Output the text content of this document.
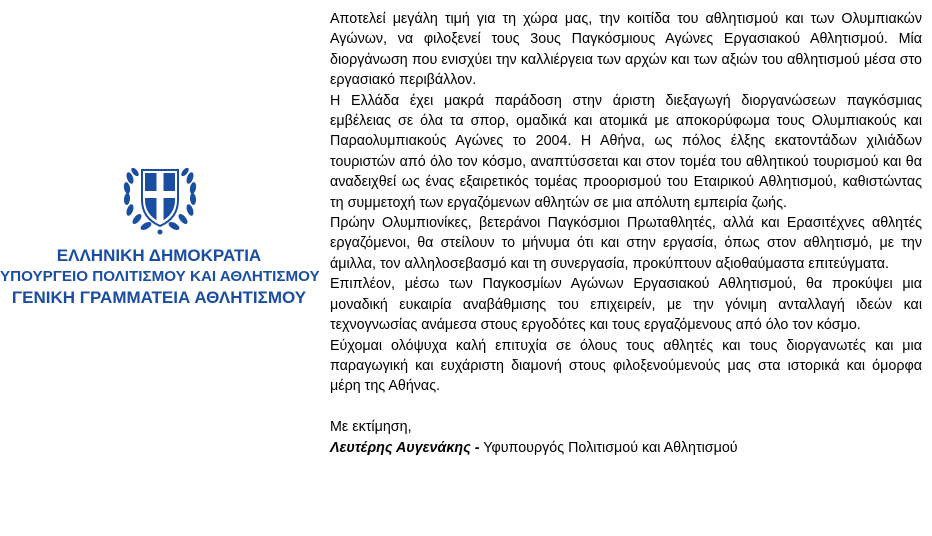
ΕΛΛΗΝΙΚΗ ΔΗΜΟΚΡΑΤΙΑ
ΥΠΟΥΡΓΕΙΟ ΠΟΛΙΤΙΣΜΟΥ ΚΑΙ ΑΘΛΗΤΙΣΜΟΥ
ΓΕΝΙΚΗ ΓΡΑΜΜΑΤΕΙΑ ΑΘΛΗΤΙΣΜΟΥ

Αποτελεί μεγάλη τιμή για τη χώρα μας, την κοιτίδα του αθλητισμού και των Ολυμπιακών Αγώνων, να φιλοξενεί τους 3ους Παγκόσμιους Αγώνες Εργασιακού Αθλητισμού. Μία διοργάνωση που ενισχύει την καλλιέργεια των αρχών και των αξιών του αθλητισμού μέσα στο εργασιακό περιβάλλον.

Η Ελλάδα έχει μακρά παράδοση στην άριστη διεξαγωγή διοργανώσεων παγκόσμιας εμβέλειας σε όλα τα σπορ, ομαδικά και ατομικά με αποκορύφωμα τους Ολυμπιακούς και Παραολυμπιακούς Αγώνες το 2004. Η Αθήνα, ως πόλος έλξης εκατοντάδων χιλιάδων τουριστών από όλο τον κόσμο, αναπτύσσεται και στον τομέα του αθλητικού τουρισμού και θα αναδειχθεί ως ένας εξαιρετικός τομέας προορισμού του Εταιρικού Αθλητισμού, καθιστώντας τη συμμετοχή των εργαζόμενων αθλητών σε μια απόλυτη εμπειρία ζωής.

Πρώην Ολυμπιονίκες, βετεράνοι Παγκόσμιοι Πρωταθλητές, αλλά και Ερασιτέχνες αθλητές εργαζόμενοι, θα στείλουν το μήνυμα ότι και στην εργασία, όπως στον αθλητισμό, με την άμιλλα, τον αλληλοσεβασμό και τη συνεργασία, προκύπτουν αξιοθαύμαστα επιτεύγματα.

Επιπλέον, μέσω των Παγκοσμίων Αγώνων Εργασιακού Αθλητισμού, θα προκύψει μια μοναδική ευκαιρία αναβάθμισης του επιχειρείν, με την γόνιμη ανταλλαγή ιδεών και τεχνογνωσίας ανάμεσα στους εργοδότες και τους εργαζόμενους από όλο τον κόσμο.

Εύχομαι ολόψυχα καλή επιτυχία σε όλους τους αθλητές και τους διοργανωτές και μια παραγωγική και ευχάριστη διαμονή στους φιλοξενούμενούς μας στα ιστορικά και όμορφα μέρη της Αθήνας.

Με εκτίμηση,

Λευτέρης Αυγενάκης - Υφυπουργός Πολιτισμού και Αθλητισμού
